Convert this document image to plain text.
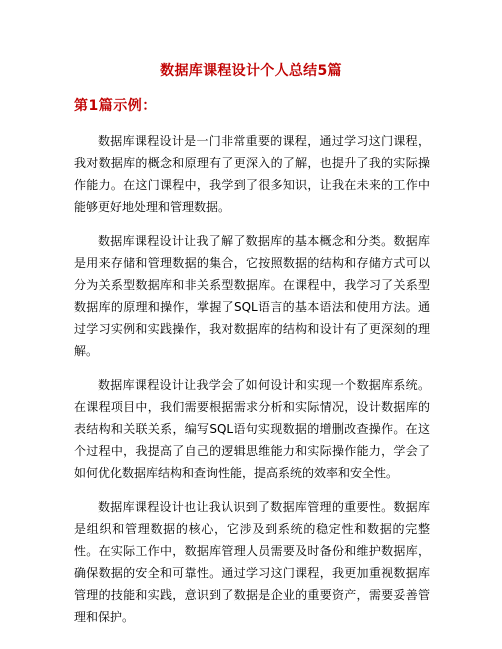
数据库课程设计个人总结5篇
第1篇示例：

数据库课程设计是一门非常重要的课程，通过学习这门课程，我对数据库的概念和原理有了更深入的了解，也提升了我的实际操作能力。在这门课程中，我学到了很多知识，让我在未来的工作中能够更好地处理和管理数据。

数据库课程设计让我了解了数据库的基本概念和分类。数据库是用来存储和管理数据的集合，它按照数据的结构和存储方式可以分为关系型数据库和非关系型数据库。在课程中，我学习了关系型数据库的原理和操作，掌握了SQL语言的基本语法和使用方法。通过学习实例和实践操作，我对数据库的结构和设计有了更深刻的理解。

数据库课程设计让我学会了如何设计和实现一个数据库系统。在课程项目中，我们需要根据需求分析和实际情况，设计数据库的表结构和关联关系，编写SQL语句实现数据的增删改查操作。在这个过程中，我提高了自己的逻辑思维能力和实际操作能力，学会了如何优化数据库结构和查询性能，提高系统的效率和安全性。

数据库课程设计也让我认识到了数据库管理的重要性。数据库是组织和管理数据的核心，它涉及到系统的稳定性和数据的完整性。在实际工作中，数据库管理人员需要及时备份和维护数据库，确保数据的安全和可靠性。通过学习这门课程，我更加重视数据库管理的技能和实践，意识到了数据是企业的重要资产，需要妥善管理和保护。
